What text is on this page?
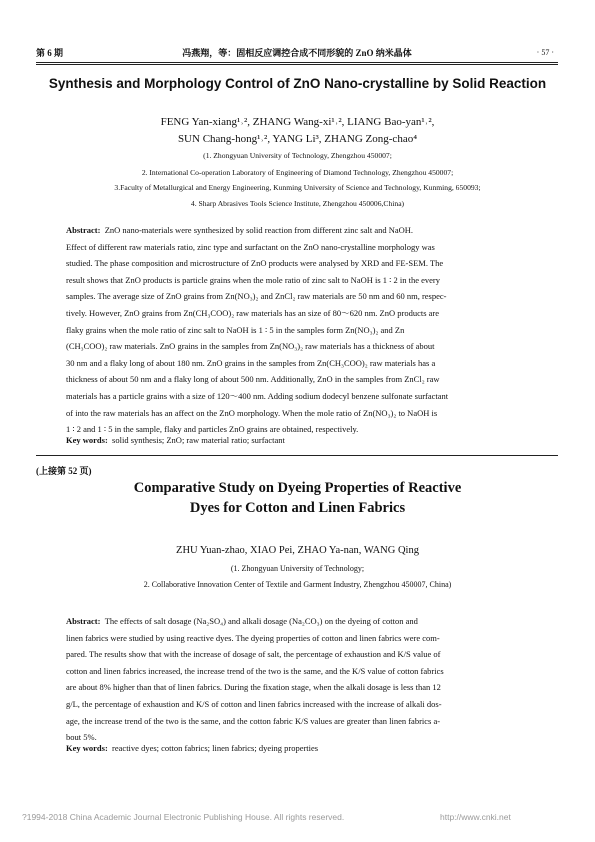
第 6 期	冯燕翔，等：固相反应调控合成不同形貌的 ZnO 纳米晶体	· 57 ·
Synthesis and Morphology Control of ZnO Nano-crystalline by Solid Reaction
FENG Yan-xiang¹˒², ZHANG Wang-xi¹˒², LIANG Bao-yan¹˒²,
SUN Chang-hong¹˒², YANG Li³, ZHANG Zong-chao⁴
(1. Zhongyuan University of Technology, Zhengzhou 450007;
2. International Co-operation Laboratory of Engineering of Diamond Technology, Zhengzhou 450007;
3.Faculty of Metallurgical and Energy Engineering, Kunming University of Science and Technology, Kunming, 650093;
4. Sharp Abrasives Tools Science Institute, Zhengzhou 450006,China)
Abstract: ZnO nano-materials were synthesized by solid reaction from different zinc salt and NaOH.
Effect of different raw materials ratio, zinc type and surfactant on the ZnO nano-crystalline morphology was
studied. The phase composition and microstructure of ZnO products were analysed by XRD and FE-SEM. The
result shows that ZnO products is particle grains when the mole ratio of zinc salt to NaOH is 1 ∶ 2 in the every
samples. The average size of ZnO grains from Zn(NO₃)₂ and ZnCl₂ raw materials are 50 nm and 60 nm, respec-
tively. However, ZnO grains from Zn(CH₃COO)₂ raw materials has an size of 80～620 nm. ZnO products are
flaky grains when the mole ratio of zinc salt to NaOH is 1 ∶ 5 in the samples form Zn(NO₃)₂ and Zn
(CH₃COO)₂ raw materials. ZnO grains in the samples from Zn(NO₃)₂ raw materials has a thickness of about
30 nm and a flaky long of about 180 nm. ZnO grains in the samples from Zn(CH₃COO)₂ raw materials has a
thickness of about 50 nm and a flaky long of about 500 nm. Additionally, ZnO in the samples from ZnCl₂ raw
materials has a particle grains with a size of 120～400 nm. Adding sodium dodecyl benzene sulfonate surfactant
of into the raw materials has an affect on the ZnO morphology. When the mole ratio of Zn(NO₃)₂ to NaOH is
1 ∶ 2 and 1 ∶ 5 in the sample, flaky and particles ZnO grains are obtained, respectively.
Key words: solid synthesis; ZnO; raw material ratio; surfactant
(上接第 52 页)
Comparative Study on Dyeing Properties of Reactive
Dyes for Cotton and Linen Fabrics
ZHU Yuan-zhao, XIAO Pei, ZHAO Ya-nan, WANG Qing
(1. Zhongyuan University of Technology;
2. Collaborative Innovation Center of Textile and Garment Industry, Zhengzhou 450007, China)
Abstract: The effects of salt dosage (Na₂SO₄) and alkali dosage (Na₂CO₃) on the dyeing of cotton and
linen fabrics were studied by using reactive dyes. The dyeing properties of cotton and linen fabrics were com-
pared. The results show that with the increase of dosage of salt, the percentage of exhaustion and K/S value of
cotton and linen fabrics increased, the increase trend of the two is the same, and the K/S value of cotton fabrics
are about 8% higher than that of linen fabrics. During the fixation stage, when the alkali dosage is less than 12
g/L, the percentage of exhaustion and K/S of cotton and linen fabrics increased with the increase of alkali dos-
age, the increase trend of the two is the same, and the cotton fabric K/S values are greater than linen fabrics a-
bout 5%.
Key words: reactive dyes; cotton fabrics; linen fabrics; dyeing properties
?1994-2018 China Academic Journal Electronic Publishing House. All rights reserved.	http://www.cnki.net
